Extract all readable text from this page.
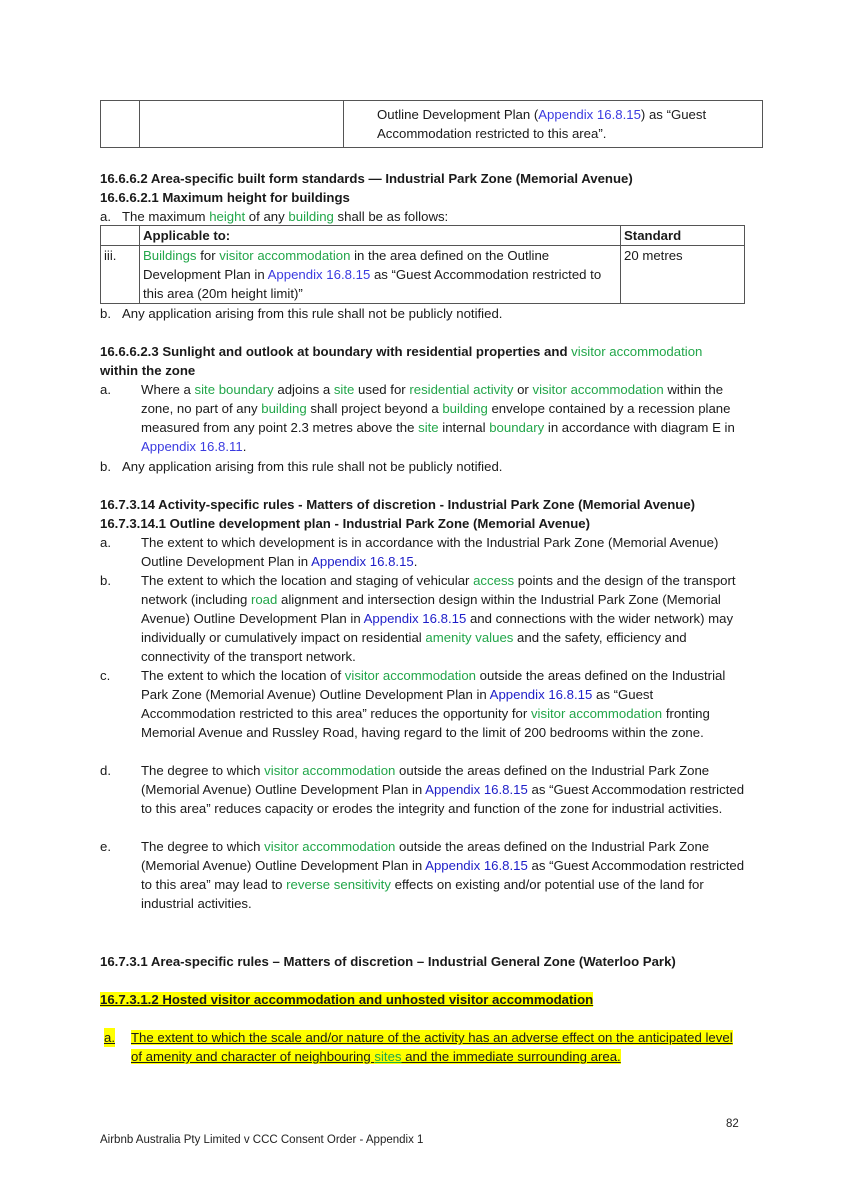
		Outline Development Plan (Appendix 16.8.15) as “Guest Accommodation restricted to this area”.
16.6.6.2 Area-specific built form standards — Industrial Park Zone (Memorial Avenue)
16.6.6.2.1 Maximum height for buildings
a. The maximum height of any building shall be as follows:
	Applicable to:	Standard
iii.	Buildings for visitor accommodation in the area defined on the Outline Development Plan in Appendix 16.8.15 as “Guest Accommodation restricted to this area (20m height limit)”	20 metres
b. Any application arising from this rule shall not be publicly notified.
16.6.6.2.3 Sunlight and outlook at boundary with residential properties and visitor accommodation
within the zone
a. Where a site boundary adjoins a site used for residential activity or visitor accommodation within the zone, no part of any building shall project beyond a building envelope contained by a recession plane measured from any point 2.3 metres above the site internal boundary in accordance with diagram E in Appendix 16.8.11.
b. Any application arising from this rule shall not be publicly notified.
16.7.3.14 Activity-specific rules - Matters of discretion - Industrial Park Zone (Memorial Avenue)
16.7.3.14.1 Outline development plan - Industrial Park Zone (Memorial Avenue)
a. The extent to which development is in accordance with the Industrial Park Zone (Memorial Avenue) Outline Development Plan in Appendix 16.8.15.
b. The extent to which the location and staging of vehicular access points and the design of the transport network (including road alignment and intersection design within the Industrial Park Zone (Memorial Avenue) Outline Development Plan in Appendix 16.8.15 and connections with the wider network) may individually or cumulatively impact on residential amenity values and the safety, efficiency and connectivity of the transport network.
c. The extent to which the location of visitor accommodation outside the areas defined on the Industrial Park Zone (Memorial Avenue) Outline Development Plan in Appendix 16.8.15 as “Guest Accommodation restricted to this area” reduces the opportunity for visitor accommodation fronting Memorial Avenue and Russley Road, having regard to the limit of 200 bedrooms within the zone.
d. The degree to which visitor accommodation outside the areas defined on the Industrial Park Zone (Memorial Avenue) Outline Development Plan in Appendix 16.8.15 as “Guest Accommodation restricted to this area” reduces capacity or erodes the integrity and function of the zone for industrial activities.
e. The degree to which visitor accommodation outside the areas defined on the Industrial Park Zone (Memorial Avenue) Outline Development Plan in Appendix 16.8.15 as “Guest Accommodation restricted to this area” may lead to reverse sensitivity effects on existing and/or potential use of the land for industrial activities.
16.7.3.1 Area-specific rules – Matters of discretion – Industrial General Zone (Waterloo Park)
16.7.3.1.2 Hosted visitor accommodation and unhosted visitor accommodation
a. The extent to which the scale and/or nature of the activity has an adverse effect on the anticipated level of amenity and character of neighbouring sites and the immediate surrounding area.
82
Airbnb Australia Pty Limited v CCC Consent Order - Appendix 1
